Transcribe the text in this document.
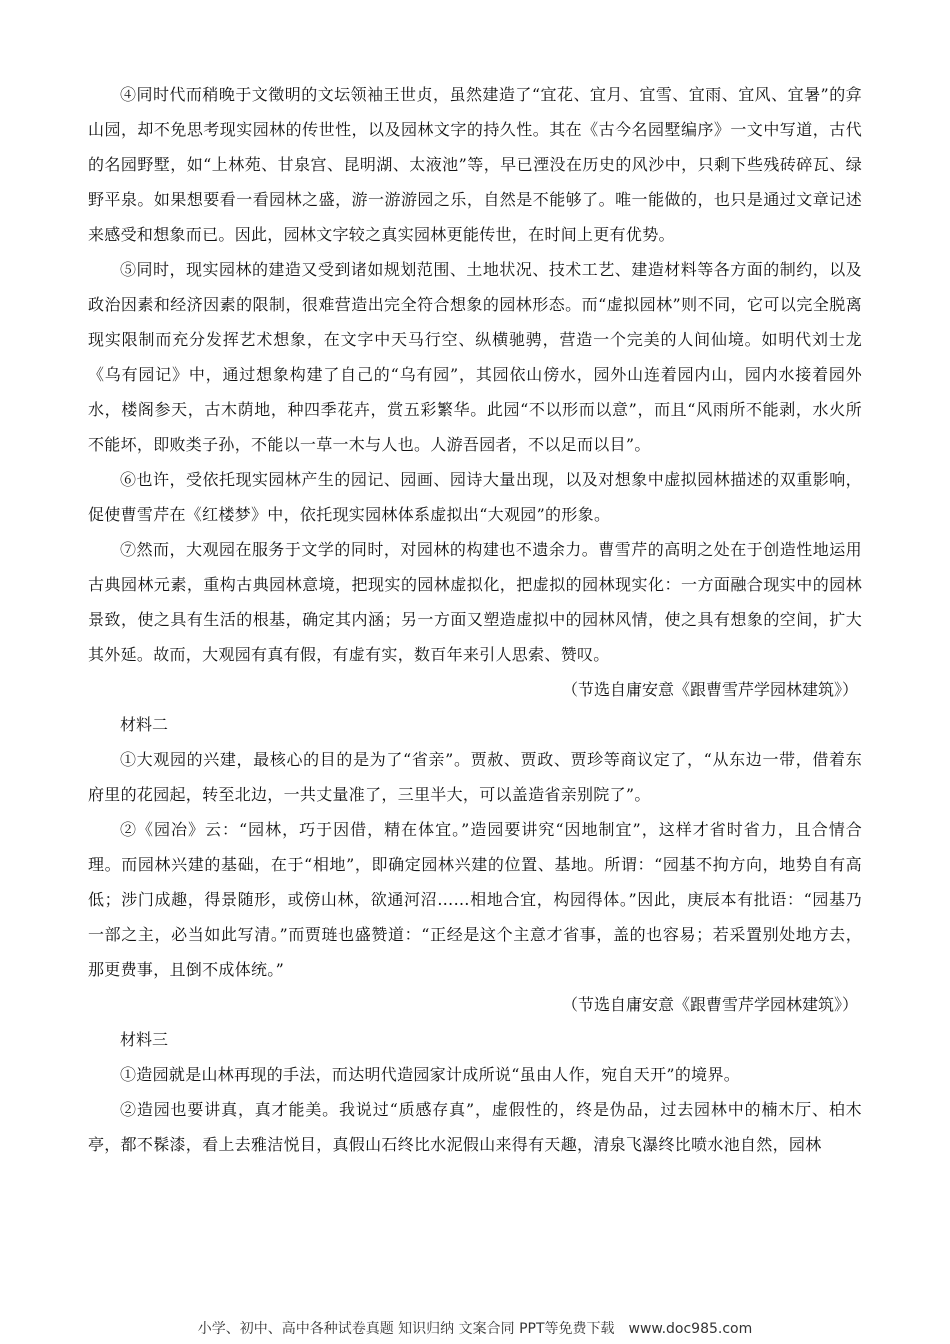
④同时代而稍晚于文徵明的文坛领袖王世贞，虽然建造了“宜花、宜月、宜雪、宜雨、宜风、宜暑”的弇山园，却不免思考现实园林的传世性，以及园林文字的持久性。其在《古今名园墅编序》一文中写道，古代的名园野墅，如“上林苑、甘泉宫、昆明湖、太液池”等，早已湮没在历史的风沙中，只剩下些残砖碎瓦、绿野平泉。如果想要看一看园林之盛，游一游游园之乐，自然是不能够了。唯一能做的，也只是通过文章记述来感受和想象而已。因此，园林文字较之真实园林更能传世，在时间上更有优势。

⑤同时，现实园林的建造又受到诸如规划范围、土地状况、技术工艺、建造材料等各方面的制约，以及政治因素和经济因素的限制，很难营造出完全符合想象的园林形态。而“虚拟园林”则不同，它可以完全脱离现实限制而充分发挥艺术想象，在文字中天马行空、纵横驰骋，营造一个完美的人间仙境。如明代刘士龙《乌有园记》中，通过想象构建了自己的“乌有园”，其园依山傍水，园外山连着园内山，园内水接着园外水，楼阁参天，古木荫地，种四季花卉，赏五彩繁华。此园“不以形而以意”，而且“风雨所不能剥，水火所不能坏，即败类子孙，不能以一草一木与人也。人游吾园者，不以足而以目”。

⑥也许，受依托现实园林产生的园记、园画、园诗大量出现，以及对想象中虚拟园林描述的双重影响，促使曹雪芹在《红楼梦》中，依托现实园林体系虚拟出“大观园”的形象。

⑦然而，大观园在服务于文学的同时，对园林的构建也不遗余力。曹雪芹的高明之处在于创造性地运用古典园林元素，重构古典园林意境，把现实的园林虚拟化，把虚拟的园林现实化：一方面融合现实中的园林景致，使之具有生活的根基，确定其内涵；另一方面又塑造虚拟中的园林风情，使之具有想象的空间，扩大其外延。故而，大观园有真有假，有虚有实，数百年来引人思索、赞叹。

（节选自庸安意《跟曹雪芹学园林建筑》）

材料二

①大观园的兴建，最核心的目的是为了“省亲”。贾赦、贾政、贾珍等商议定了，“从东边一带，借着东府里的花园起，转至北边，一共丈量准了，三里半大，可以盖造省亲别院了”。

②《园冶》云：“园林，巧于因借，精在体宜。”造园要讲究“因地制宜”，这样才省时省力，且合情合理。而园林兴建的基础，在于“相地”，即确定园林兴建的位置、基地。所谓：“园基不拘方向，地势自有高低；涉门成趣，得景随形，或傍山林，欲通河沼……相地合宜，构园得体。”因此，庚辰本有批语：“园基乃一部之主，必当如此写清。”而贾琏也盛赞道：“正经是这个主意才省事，盖的也容易；若采置别处地方去，那更费事，且倒不成体统。”

（节选自庸安意《跟曹雪芹学园林建筑》）

材料三

①造园就是山林再现的手法，而达明代造园家计成所说“虽由人作，宛自天开”的境界。

②造园也要讲真，真才能美。我说过“质感存真”，虚假性的，终是伪品，过去园林中的楠木厅、柏木亭，都不髹漆，看上去雅洁悦目，真假山石终比水泥假山来得有天趣，清泉飞瀑终比喷水池自然，园林

小学、初中、高中各种试卷真题 知识归纳 文案合同 PPT等免费下载 www.doc985.com
